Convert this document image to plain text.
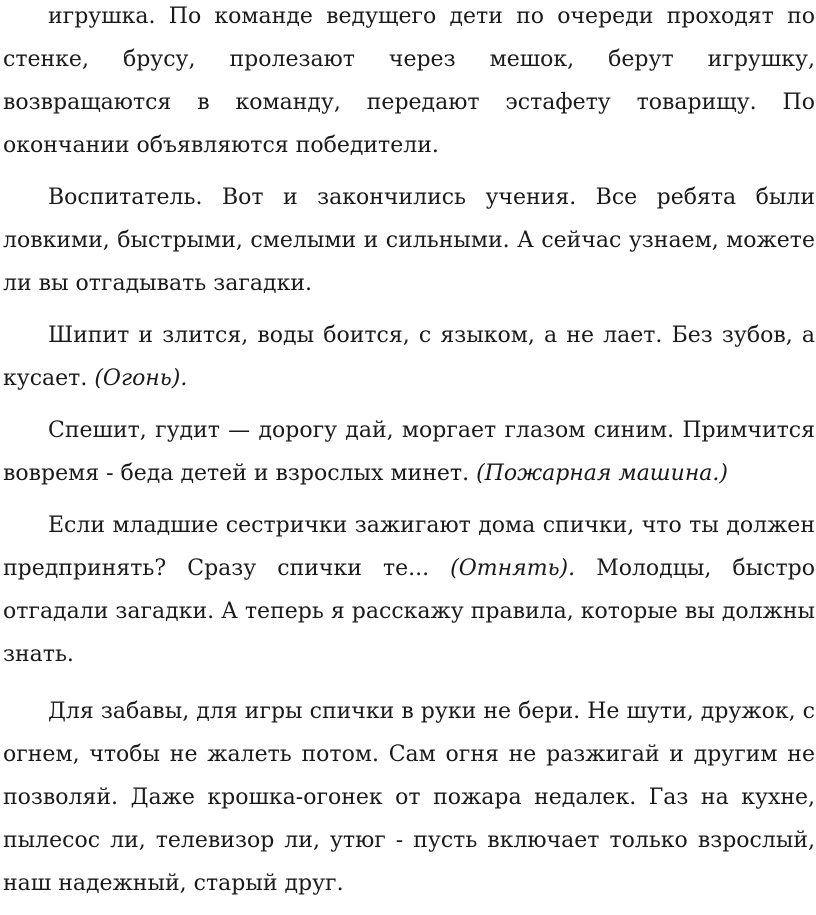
игрушка. По команде ведущего дети по очереди проходят по стенке, брусу, пролезают через мешок, берут игрушку, возвращаются в команду, передают эстафету товарищу. По окончании объявляются победители.

Воспитатель. Вот и закончились учения. Все ребята были ловкими, быстрыми, смелыми и сильными. А сейчас узнаем, можете ли вы отгадывать загадки.

Шипит и злится, воды боится, с языком, а не лает. Без зубов, а кусает. (Огонь).

Спешит, гудит — дорогу дай, моргает глазом синим. Примчится вовремя - беда детей и взрослых минет. (Пожарная машина.)

Если младшие сестрички зажигают дома спички, что ты должен предпринять? Сразу спички те... (Отнять). Молодцы, быстро отгадали загадки. А теперь я расскажу правила, которые вы должны знать.

Для забавы, для игры спички в руки не бери. Не шути, дружок, с огнем, чтобы не жалеть потом. Сам огня не разжигай и другим не позволяй. Даже крошка-огонек от пожара недалек. Газ на кухне, пылесос ли, телевизор ли, утюг - пусть включает только взрослый, наш надежный, старый друг.
